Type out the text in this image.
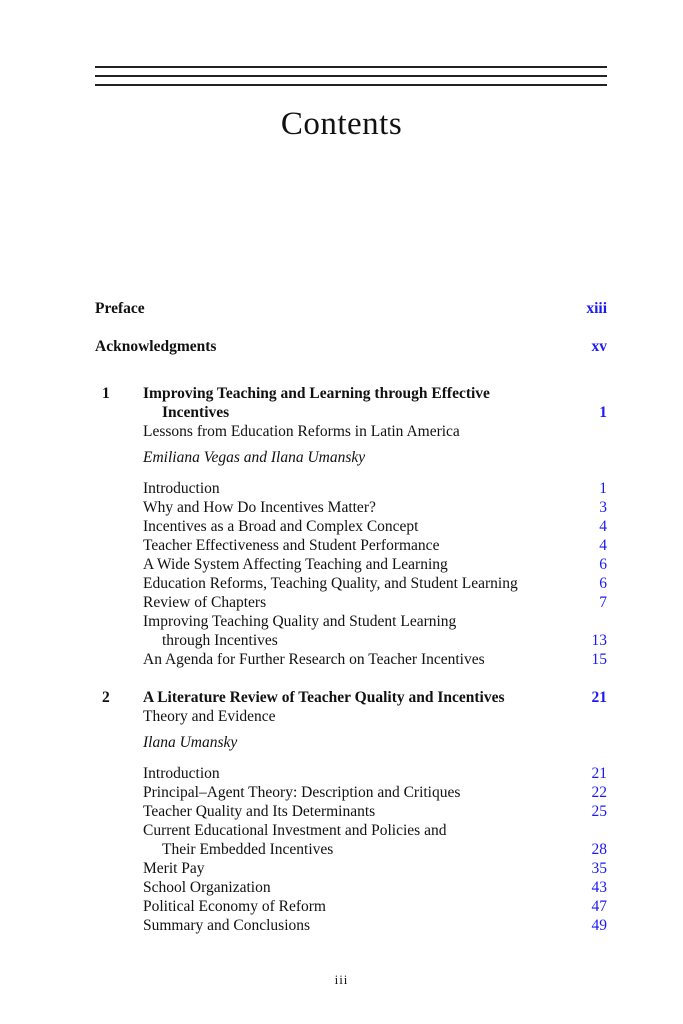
Contents
Preface	xiii
Acknowledgments	xv
1 Improving Teaching and Learning through Effective
Incentives	1
Lessons from Education Reforms in Latin America
Emiliana Vegas and Ilana Umansky
Introduction	1
Why and How Do Incentives Matter?	3
Incentives as a Broad and Complex Concept	4
Teacher Effectiveness and Student Performance	4
A Wide System Affecting Teaching and Learning	6
Education Reforms, Teaching Quality, and Student Learning	6
Review of Chapters	7
Improving Teaching Quality and Student Learning
through Incentives	13
An Agenda for Further Research on Teacher Incentives	15
2 A Literature Review of Teacher Quality and Incentives	21
Theory and Evidence
Ilana Umansky
Introduction	21
Principal–Agent Theory: Description and Critiques	22
Teacher Quality and Its Determinants	25
Current Educational Investment and Policies and
Their Embedded Incentives	28
Merit Pay	35
School Organization	43
Political Economy of Reform	47
Summary and Conclusions	49
iii
